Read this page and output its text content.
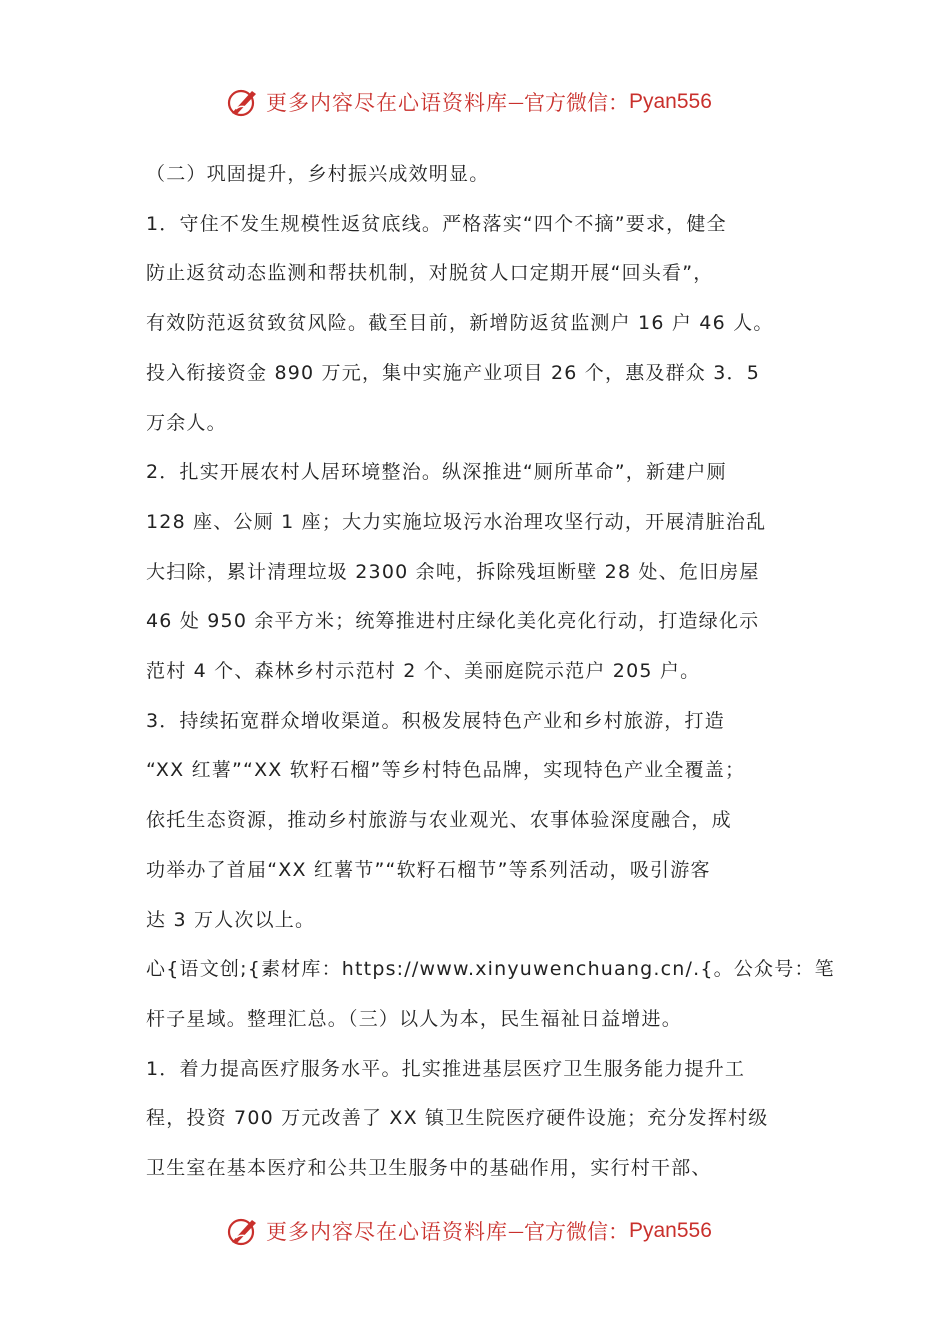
更多内容尽在心语资料库 — 官方微信： Pyan556

（二）巩固提升，乡村振兴成效明显。

1．守住不发生规模性返贫底线。严格落实“四个不摘”要求，健全

防止返贫动态监测和帮扶机制，对脱贫人口定期开展“回头看”，

有效防范返贫致贫风险。截至目前，新增防返贫监测户 16 户 46 人。

投入衔接资金 890 万元，集中实施产业项目 26 个，惠及群众 3．5

万余人。

2．扎实开展农村人居环境整治。纵深推进“厕所革命”，新建户厕

128 座、公厕 1 座；大力实施垃圾污水治理攻坚行动，开展清脏治乱

大扫除，累计清理垃圾 2300 余吨，拆除残垣断壁 28 处、危旧房屋

46 处 950 余平方米；统筹推进村庄绿化美化亮化行动，打造绿化示

范村 4 个、森林乡村示范村 2 个、美丽庭院示范户 205 户。

3．持续拓宽群众增收渠道。积极发展特色产业和乡村旅游，打造

“XX 红薯”“XX 软籽石榴”等乡村特色品牌，实现特色产业全覆盖；

依托生态资源，推动乡村旅游与农业观光、农事体验深度融合，成

功举办了首届“XX 红薯节”“软籽石榴节”等系列活动，吸引游客

达 3 万人次以上。

心{语文创;{素材库：https://www.xinyuwenchuang.cn/.{。公众号：笔

杆子星域。整理汇总。（三）以人为本，民生福祉日益增进。

1．着力提高医疗服务水平。扎实推进基层医疗卫生服务能力提升工

程，投资 700 万元改善了 XX 镇卫生院医疗硬件设施；充分发挥村级

卫生室在基本医疗和公共卫生服务中的基础作用，实行村干部、

更多内容尽在心语资料库 — 官方微信： Pyan556
